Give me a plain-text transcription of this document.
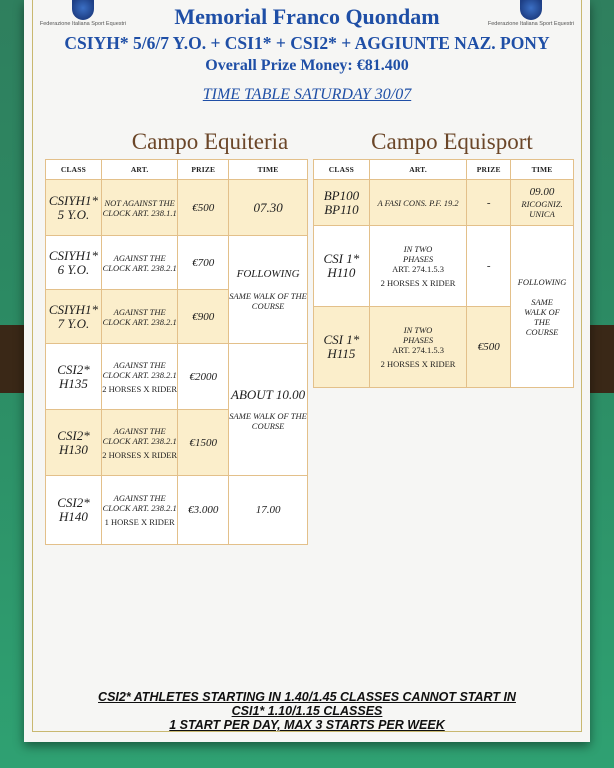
Federazione Italiana Sport Equestri	Federazione Italiana Sport Equestri
Memorial Franco Quondam
CSIYH* 5/6/7 Y.O. + CSI1* + CSI2* + AGGIUNTE NAZ. PONY
Overall Prize Money: €81.400
TIME TABLE SATURDAY 30/07
Campo Equiteria	Campo Equisport
CLASS	ART.	PRIZE	TIME
CSIYH1* 5 Y.O.	NOT AGAINST THE CLOCK ART. 238.1.1	€500	07.30
CSIYH1* 6 Y.O.	AGAINST THE CLOCK ART. 238.2.1	€700	FOLLOWING
SAME WALK OF THE COURSE

CSIYH1* 7 Y.O.	AGAINST THE CLOCK ART. 238.2.1	€900	
CSI2* H135	AGAINST THE CLOCK ART. 238.2.1
2 HORSES X RIDER	€2000	ABOUT 10.00
SAME WALK OF THE COURSE

CSI2* H130	AGAINST THE CLOCK ART. 238.2.1
2 HORSES X RIDER	€1500	
CSI2* H140	AGAINST THE CLOCK ART. 238.2.1
1 HORSE X RIDER	€3.000	17.00
CLASS	ART.	PRIZE	TIME
BP100 BP110	A FASI CONS. P.F. 19.2	-	09.00
RICOGNIZ. UNICA

CSI 1* H110	IN TWO PHASES
ART. 274.1.5.3
2 HORSES X RIDER	-	FOLLOWING
SAME WALK OF THE COURSE

CSI 1* H115	IN TWO PHASES
ART. 274.1.5.3
2 HORSES X RIDER	€500	
CSI2* ATHLETES STARTING IN 1.40/1.45 CLASSES CANNOT START IN
CSI1* 1.10/1.15 CLASSES
1 START PER DAY, MAX 3 STARTS PER WEEK
